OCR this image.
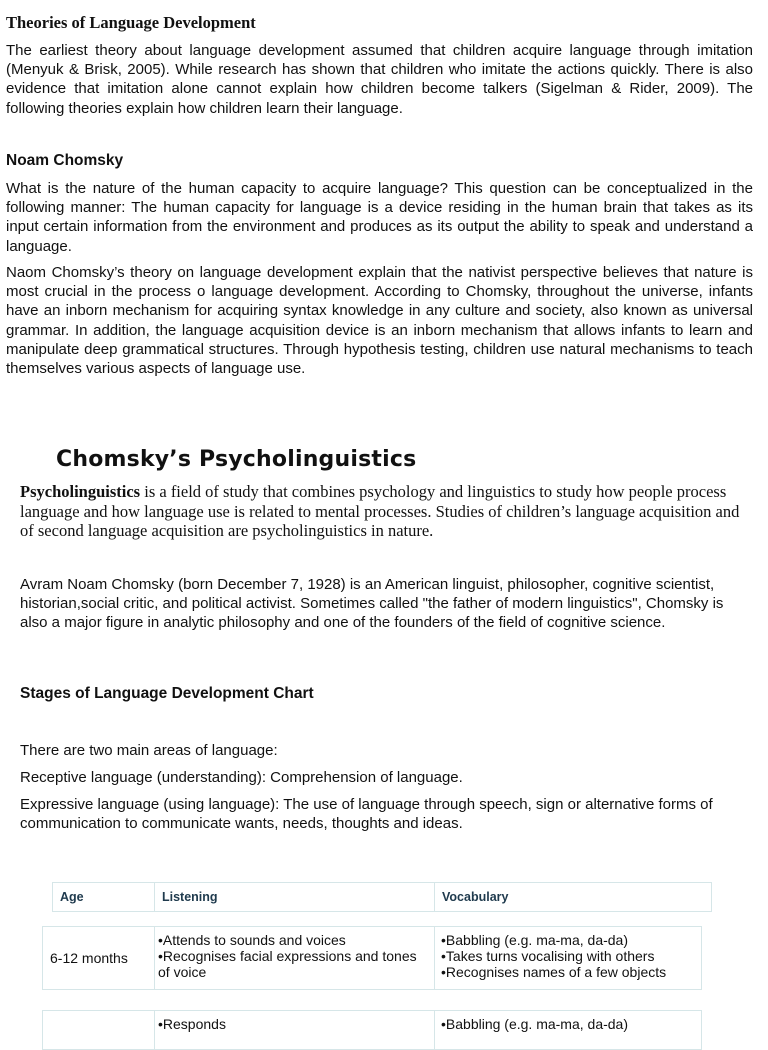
Theories of Language Development

The earliest theory about language development assumed that children acquire language through imitation (Menyuk & Brisk, 2005). While research has shown that children who imitate the actions quickly. There is also evidence that imitation alone cannot explain how children become talkers (Sigelman & Rider, 2009). The following theories explain how children learn their language.

Noam Chomsky

What is the nature of the human capacity to acquire language? This question can be conceptualized in the following manner: The human capacity for language is a device residing in the human brain that takes as its input certain information from the environment and produces as its output the ability to speak and understand a language.

Naom Chomsky’s theory on language development explain that the nativist perspective believes that nature is most crucial in the process o language development. According to Chomsky, throughout the universe, infants have an inborn mechanism for acquiring syntax knowledge in any culture and society, also known as universal grammar. In addition, the language acquisition device is an inborn mechanism that allows infants to learn and manipulate deep grammatical structures. Through hypothesis testing, children use natural mechanisms to teach themselves various aspects of language use.

Chomsky’s Psycholinguistics

Psycholinguistics is a field of study that combines psychology and linguistics to study how people process language and how language use is related to mental processes. Studies of children’s language acquisition and of second language acquisition are psycholinguistics in nature.

Avram Noam Chomsky (born December 7, 1928) is an American linguist, philosopher, cognitive scientist, historian,social critic, and political activist. Sometimes called "the father of modern linguistics", Chomsky is also a major figure in analytic philosophy and one of the founders of the field of cognitive science.

Stages of Language Development Chart

There are two main areas of language:

Receptive language (understanding): Comprehension of language.

Expressive language (using language): The use of language through speech, sign or alternative forms of communication to communicate wants, needs, thoughts and ideas.

Age	Listening	Vocabulary
6-12 months

• Attends to sounds and voices

• Recognises facial expressions and tones of voice

• Babbling (e.g. ma-ma, da-da)

• Takes turns vocalising with others

• Recognises names of a few objects

• Responds

•	Babbling (e.g. ma-ma, da-da)
